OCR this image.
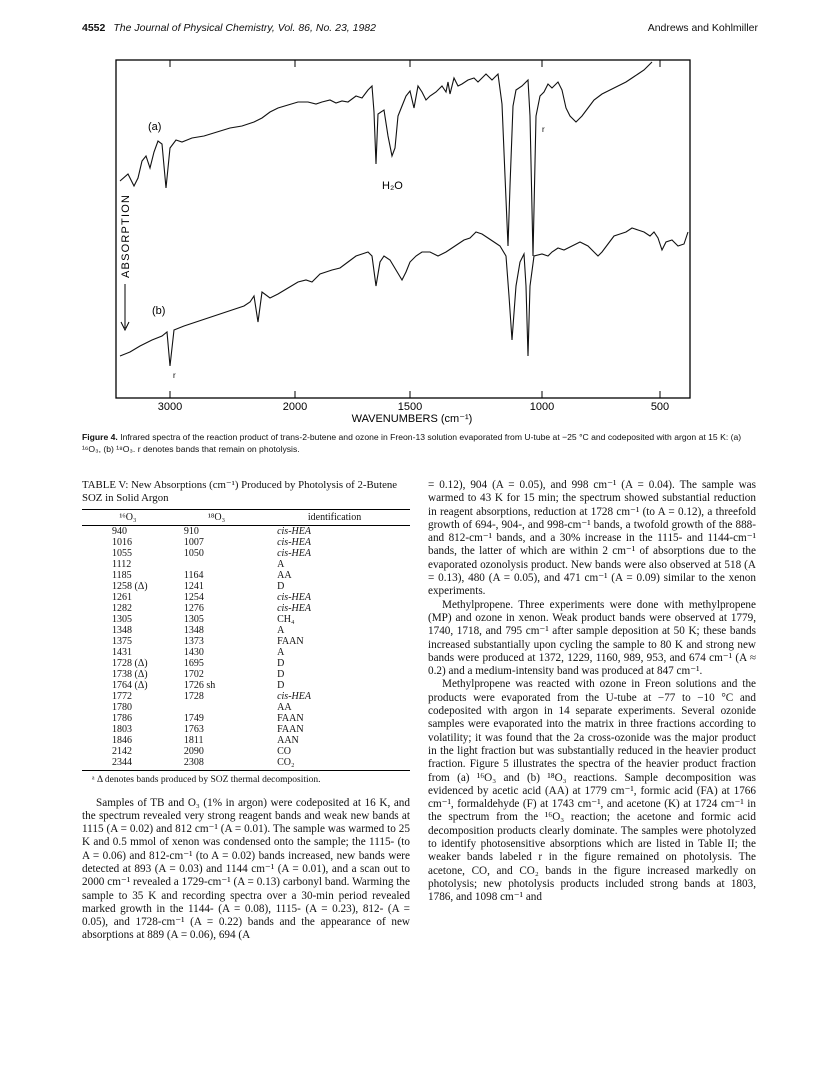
4552 The Journal of Physical Chemistry, Vol. 86, No. 23, 1982	Andrews and Kohlmiller
(a)
(b)
H₂O
r
r
ABSORPTION
3000	2000	1500	1000	500
WAVENUMBERS (cm⁻¹)
Figure 4. Infrared spectra of the reaction product of trans-2-butene and ozone in Freon-13 solution evaporated from U-tube at −25 °C and codeposited with argon at 15 K: (a) ¹⁶O₃, (b) ¹⁸O₃. r denotes bands that remain on photolysis.
TABLE V: New Absorptions (cm⁻¹) Produced by Photolysis of 2-Butene SOZ in Solid Argon
¹⁶O₃	¹⁸O₃	identification
940	910	cis-HEA
1016	1007	cis-HEA
1055	1050	cis-HEA
1112		A
1185	1164	AA
1258 (Δ)	1241	D
1261	1254	cis-HEA
1282	1276	cis-HEA
1305	1305	CH₄
1348	1348	A
1375	1373	FAAN
1431	1430	A
1728 (Δ)	1695	D
1738 (Δ)	1702	D
1764 (Δ)	1726 sh	D
1772	1728	cis-HEA
1780		AA
1786	1749	FAAN
1803	1763	FAAN
1846	1811	AAN
2142	2090	CO
2344	2308	CO₂
ᵃ Δ denotes bands produced by SOZ thermal decomposition.

Samples of TB and O₃ (1% in argon) were codeposited at 16 K, and the spectrum revealed very strong reagent bands and weak new bands at 1115 (A = 0.02) and 812 cm⁻¹ (A = 0.01). The sample was warmed to 25 K and 0.5 mmol of xenon was condensed onto the sample; the 1115- (to A = 0.06) and 812-cm⁻¹ (to A = 0.02) bands increased, new bands were detected at 893 (A = 0.03) and 1144 cm⁻¹ (A = 0.01), and a scan out to 2000 cm⁻¹ revealed a 1729-cm⁻¹ (A = 0.13) carbonyl band. Warming the sample to 35 K and recording spectra over a 30-min period revealed marked growth in the 1144- (A = 0.08), 1115- (A = 0.23), 812- (A = 0.05), and 1728-cm⁻¹ (A = 0.22) bands and the appearance of new absorptions at 889 (A = 0.06), 694 (A

= 0.12), 904 (A = 0.05), and 998 cm⁻¹ (A = 0.04). The sample was warmed to 43 K for 15 min; the spectrum showed substantial reduction in reagent absorptions, reduction at 1728 cm⁻¹ (to A = 0.12), a threefold growth of 694-, 904-, and 998-cm⁻¹ bands, a twofold growth of the 888- and 812-cm⁻¹ bands, and a 30% increase in the 1115- and 1144-cm⁻¹ bands, the latter of which are within 2 cm⁻¹ of absorptions due to the evaporated ozonolysis product. New bands were also observed at 518 (A = 0.13), 480 (A = 0.05), and 471 cm⁻¹ (A = 0.09) similar to the xenon experiments.

Methylpropene. Three experiments were done with methylpropene (MP) and ozone in xenon. Weak product bands were observed at 1779, 1740, 1718, and 795 cm⁻¹ after sample deposition at 50 K; these bands increased substantially upon cycling the sample to 80 K and strong new bands were produced at 1372, 1229, 1160, 989, 953, and 674 cm⁻¹ (A ≈ 0.2) and a medium-intensity band was produced at 847 cm⁻¹.

Methylpropene was reacted with ozone in Freon solutions and the products were evaporated from the U-tube at −77 to −10 °C and codeposited with argon in 14 separate experiments. Several ozonide samples were evaporated into the matrix in three fractions according to volatility; it was found that the 2a cross-ozonide was the major product in the light fraction but was substantially reduced in the heavier product fraction. Figure 5 illustrates the spectra of the heavier product fraction from (a) ¹⁶O₃ and (b) ¹⁸O₃ reactions. Sample decomposition was evidenced by acetic acid (AA) at 1779 cm⁻¹, formic acid (FA) at 1766 cm⁻¹, formaldehyde (F) at 1743 cm⁻¹, and acetone (K) at 1724 cm⁻¹ in the spectrum from the ¹⁶O₃ reaction; the acetone and formic acid decomposition products clearly dominate. The samples were photolyzed to identify photosensitive absorptions which are listed in Table II; the weaker bands labeled r in the figure remained on photolysis. The acetone, CO, and CO₂ bands in the figure increased markedly on photolysis; new photolysis products included strong bands at 1803, 1786, and 1098 cm⁻¹ and
